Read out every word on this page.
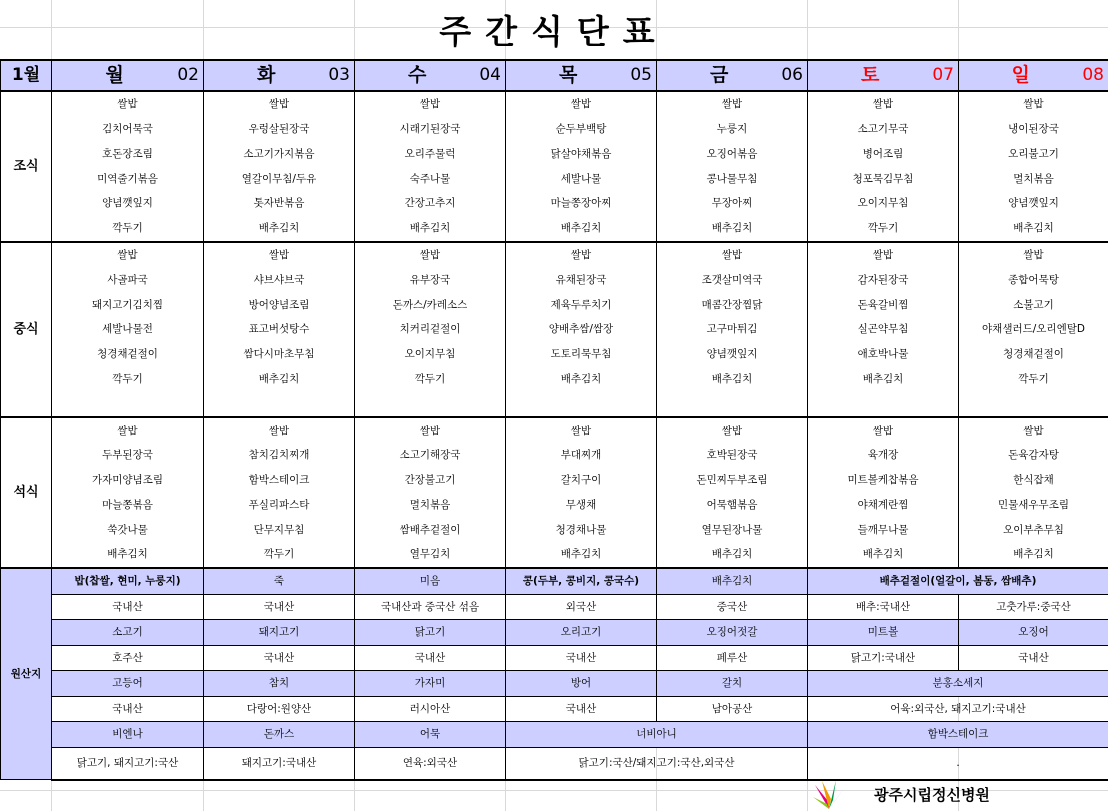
주간식단표
1월	월 02	화 03	수 04	목 05	금 06	토 07	일 08

조식	쌀밥	쌀밥	쌀밥	쌀밥	쌀밥	쌀밥	쌀밥
	김치어묵국	우렁살된장국	시래기된장국	순두부백탕	누룽지	소고기무국	냉이된장국
	호돈장조림	소고기가지볶음	오리주물럭	닭살야채볶음	오징어볶음	병어조림	오리불고기
	미역줄기볶음	열갈이무침/두유	숙주나물	세발나물	콩나물무침	청포묵김무침	멸치볶음
	양념깻잎지	톳자반볶음	간장고추지	마늘쫑장아찌	무장아찌	오이지무침	양념깻잎지
	깍두기	배추김치	배추김치	배추김치	배추김치	깍두기	배추김치
중식	쌀밥	쌀밥	쌀밥	쌀밥	쌀밥	쌀밥	쌀밥
	사골파국	샤브샤브국	유부장국	유채된장국	조갯살미역국	감자된장국	종합어묵탕
	돼지고기김치찜	방어양념조림	돈까스/카레소스	제육두루치기	매콤간장찜닭	돈육갈비찜	소불고기
	세발나물전	표고버섯탕수	치커리겉절이	양배추쌈/쌈장	고구마튀김	실곤약무침	야채샐러드/오리엔탈D
	청경채겉절이	쌈다시마초무침	오이지무침	도토리묵무침	양념깻잎지	애호박나물	청경채겉절이
	깍두기	배추김치	깍두기	배추김치	배추김치	배추김치	깍두기

석식	쌀밥	쌀밥	쌀밥	쌀밥	쌀밥	쌀밥	쌀밥
	두부된장국	참치김치찌개	소고기해장국	부대찌개	호박된장국	육개장	돈육감자탕
	가자미양념조림	함박스테이크	간장불고기	갈치구이	돈민찌두부조림	미트볼케찹볶음	한식잡채
	마늘쫑볶음	푸실리파스타	멸치볶음	무생채	어묵햄볶음	야채계란찜	민물새우무조림
	쑥갓나물	단무지무침	쌈배추겉절이	청경채나물	열무된장나물	들깨무나물	오이부추무침
	배추김치	깍두기	열무김치	배추김치	배추김치	배추김치	배추김치
원산지	밥(찹쌀, 현미, 누룽지)	죽	미음	콩(두부, 콩비지, 콩국수)	배추김치	배추겉절이(얼갈이, 봄동, 쌈배추)	
	국내산	국내산	국내산과 중국산 섞음	외국산	중국산	배추:국내산	고춧가루:중국산
	소고기	돼지고기	닭고기	오리고기	오징어젓갈	미트볼	오징어
	호주산	국내산	국내산	국내산	페루산	닭고기:국내산	국내산
	고등어	참치	가자미	방어	갈치	분홍소세지	
	국내산	다랑어:원양산	러시아산	국내산	남아공산	어육:외국산, 돼지고기:국내산	
	비엔나	돈까스	어묵	너비아니		함박스테이크	
	닭고기, 돼지고기:국산	돼지고기:국내산	연육:외국산	닭고기:국산/돼지고기:국산,외국산		.	
광주시립정신병원
